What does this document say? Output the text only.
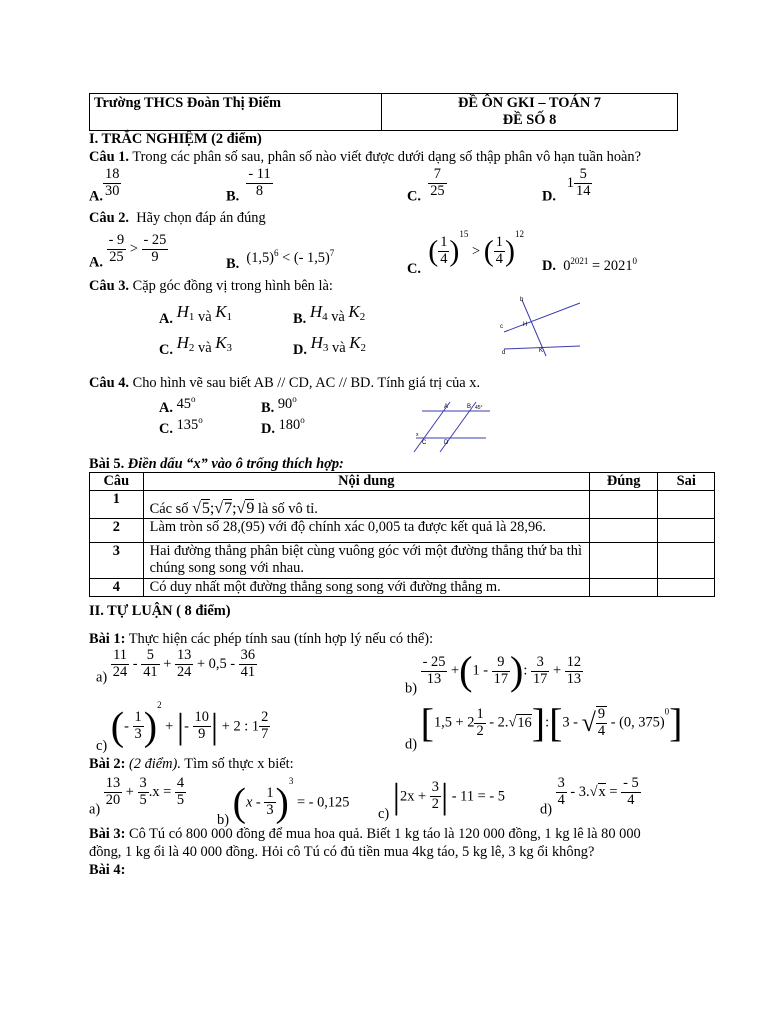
Trường THCS Đoàn Thị Điểm	ĐỀ ÔN GKI – TOÁN 7
ĐỀ SỐ 8
I. TRẮC NGHIỆM (2 điểm)
Câu 1. Trong các phân số sau, phân số nào viết được dưới dạng số thập phân vô hạn tuần hoàn?
A. $\frac{18}{30}$	B. $\frac{- 11}{8}$	C. $\frac{7}{25}$	D.   $1 \frac{5}{14}$
Câu 2. Hãy chọn đáp án đúng
A. $\frac{- 9}{25} > \frac{- 25}{9}$	B. $(1,5)^6$ < (- 1,5)$^7$
C.  ( $\frac{1}{4} )^{15}$ > ( $\frac{1}{4} )^{12}$
D. $0^{2021} = 2021^0$
Câu 3. Cặp góc đồng vị trong hình bên là:
A. $H_1$ và $K_1$	B. $H_4$ và $K_2$
C. $H_2$ và $K_3$	D. $H_3$ và $K_2$
b
c
d
H
K
Câu 4. Cho hình vẽ sau biết AB // CD, AC // BD. Tính giá trị của x.
A. 45$^o$
B. 90$^o$
C. 135$^o$
D. 180$^o$
A	B 45°
C	D
x
Bài 5. Điền dấu “x” vào ô trống thích hợp:
Câu	Nội dung	Đúng	Sai
1	Các số √5;√7;√9 là số vô tỉ.		
2	Làm tròn số 28,(95) với độ chính xác 0,005 ta được kết quả là 28,96.		
3	Hai đường thẳng phân biệt cùng vuông góc với một đường thẳng thứ ba thì
chúng song song với nhau.		

4	Có duy nhất một đường thẳng song song với đường thẳng m.		
II. TỰ LUẬN ( 8 điểm)
Bài 1: Thực hiện các phép tính sau (tính hợp lý nếu có thể):
$a) \frac{11}{24} - \frac{5}{41} + \frac{13}{24} + 0,5 - \frac{36}{41}$
b)
$\frac{- 25}{13} +(1 - \frac{9}{17}$ ): $\frac{3}{17} + \frac{12}{13}$
c) (- $\frac{1}{3} )^2$ + |- $\frac{10}{9}$ | + 2 : $1 \frac{2}{7}$
d) [$1,5 + 2 \frac{1}{2}$ - 2.√16]:[3 - √ $\frac{9}{4} - (0$, 375)$^0$]
Bài 2: (2 điểm). Tìm số thực x biết:
a)
$\frac{13}{20} + \frac{3}{5} .x = \frac{4}{5}$
b) $(x - \frac{1}{3} )^3$ = - 0,125
c) $|2x + \frac{3}{2}$ | - 11 = - 5
d)
$\frac{3}{4} - 3.√x = \frac{- 5}{4}$
Bài 3: Cô Tú có 800 000 đồng để mua hoa quả. Biết 1 kg táo là 120 000 đồng, 1 kg lê là 80 000
đồng, 1 kg ổi là 40 000 đồng. Hỏi cô Tú có đủ tiền mua 4kg táo, 5 kg lê, 3 kg ổi không?
Bài 4:
